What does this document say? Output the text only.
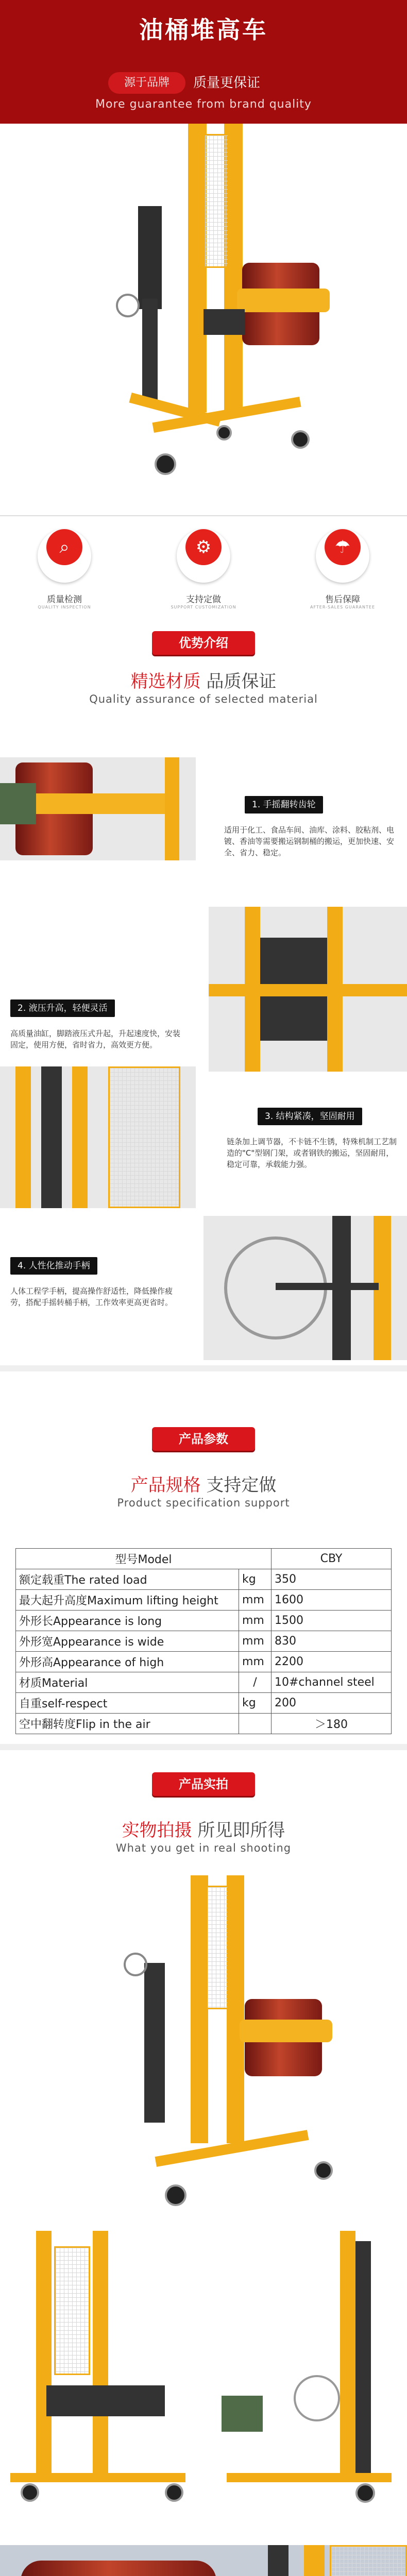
油桶堆高车
源于品牌	质量更保证
More guarantee from brand quality
⌕
质量检测
QUALITY INSPECTION
⚙
支持定做
SUPPORT CUSTOMIZATION
☂
售后保障
AFTER-SALES GUARANTEE
优势介绍
精选材质 品质保证
Quality assurance of selected material
1. 手摇翻转齿轮
适用于化工、食品车间、油库、涂料、胶粘剂、电镀、香油等需要搬运钢制桶的搬运，更加快速、安全、省力、稳定。
2. 液压升高，轻便灵活
高质量油缸，脚踏液压式升起，升起速度快，安装固定，使用方便，省时省力，高效更方便。
3. 结构紧凑，坚固耐用
链条加上调节器，不卡链不生锈，特殊机制工艺制造的"C"型钢门架，或者钢铁的搬运，坚固耐用，稳定可靠，承载能力强。
4. 人性化推动手柄
人体工程学手柄，提高操作舒适性，降低操作疲劳，搭配手摇转桶手柄，工作效率更高更省时。
产品参数
产品规格 支持定做
Product specification support
型号Model		CBY
额定载重The rated load	kg	350
最大起升高度Maximum lifting height	mm	1600
外形长Appearance is long	mm	1500
外形宽Appearance is wide	mm	830
外形高Appearance of high	mm	2200
材质Material	/	10#channel steel
自重self-respect	kg	200
空中翻转度Flip in the air		＞180
产品实拍
实物拍摄 所见即所得
What you get in real shooting
